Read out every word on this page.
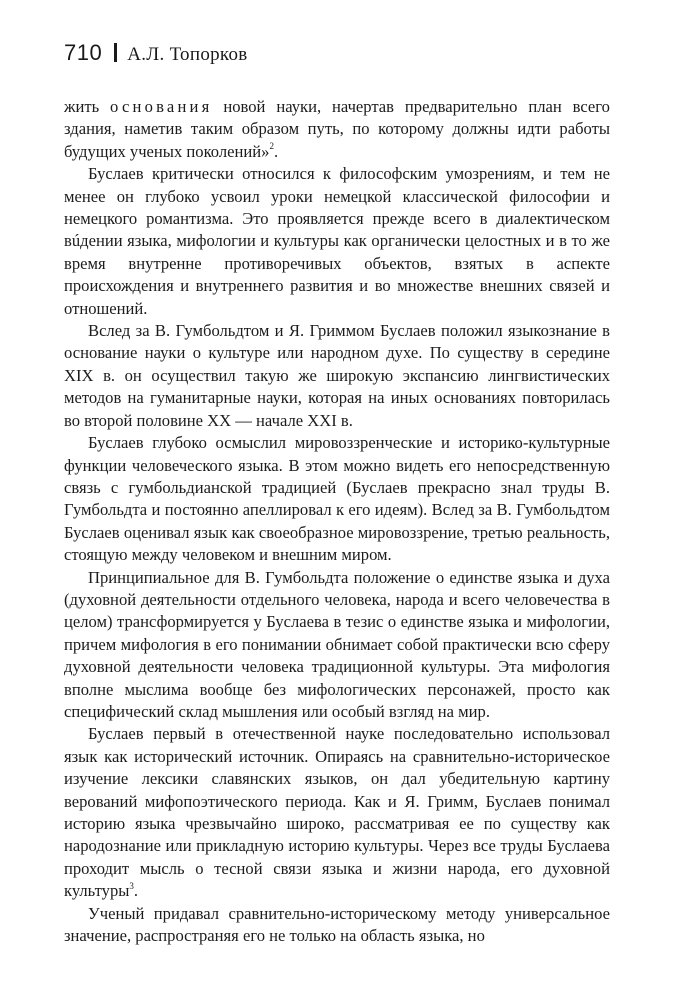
710 А.Л. Топорков

жить основания новой науки, начертав предварительно план всего здания, наметив таким образом путь, по которому должны идти работы будущих ученых поколений»$^2$.

Буслаев критически относился к философским умозрениям, и тем не менее он глубоко усвоил уроки немецкой классической философии и немецкого романтизма. Это проявляется прежде всего в диалектическом вúдении языка, мифологии и культуры как органически целостных и в то же время внутренне противоречивых объектов, взятых в аспекте происхождения и внутреннего развития и во множестве внешних связей и отношений.

Вслед за В. Гумбольдтом и Я. Гриммом Буслаев положил языкознание в основание науки о культуре или народном духе. По существу в середине XIX в. он осуществил такую же широкую экспансию лингвистических методов на гуманитарные науки, которая на иных основаниях повторилась во второй половине XX — начале XXI в.

Буслаев глубоко осмыслил мировоззренческие и историко-культурные функции человеческого языка. В этом можно видеть его непосредственную связь с гумбольдианской традицией (Буслаев прекрасно знал труды В. Гумбольдта и постоянно апеллировал к его идеям). Вслед за В. Гумбольдтом Буслаев оценивал язык как своеобразное мировоззрение, третью реальность, стоящую между человеком и внешним миром.

Принципиальное для В. Гумбольдта положение о единстве языка и духа (духовной деятельности отдельного человека, народа и всего человечества в целом) трансформируется у Буслаева в тезис о единстве языка и мифологии, причем мифология в его понимании обнимает собой практически всю сферу духовной деятельности человека традиционной культуры. Эта мифология вполне мыслима вообще без мифологических персонажей, просто как специфический склад мышления или особый взгляд на мир.

Буслаев первый в отечественной науке последовательно использовал язык как исторический источник. Опираясь на сравнительно-историческое изучение лексики славянских языков, он дал убедительную картину верований мифопоэтического периода. Как и Я. Гримм, Буслаев понимал историю языка чрезвычайно широко, рассматривая ее по существу как народознание или прикладную историю культуры. Через все труды Буслаева проходит мысль о тесной связи языка и жизни народа, его духовной культуры$^3$.

Ученый придавал сравнительно-историческому методу универсальное значение, распространяя его не только на область языка, но
